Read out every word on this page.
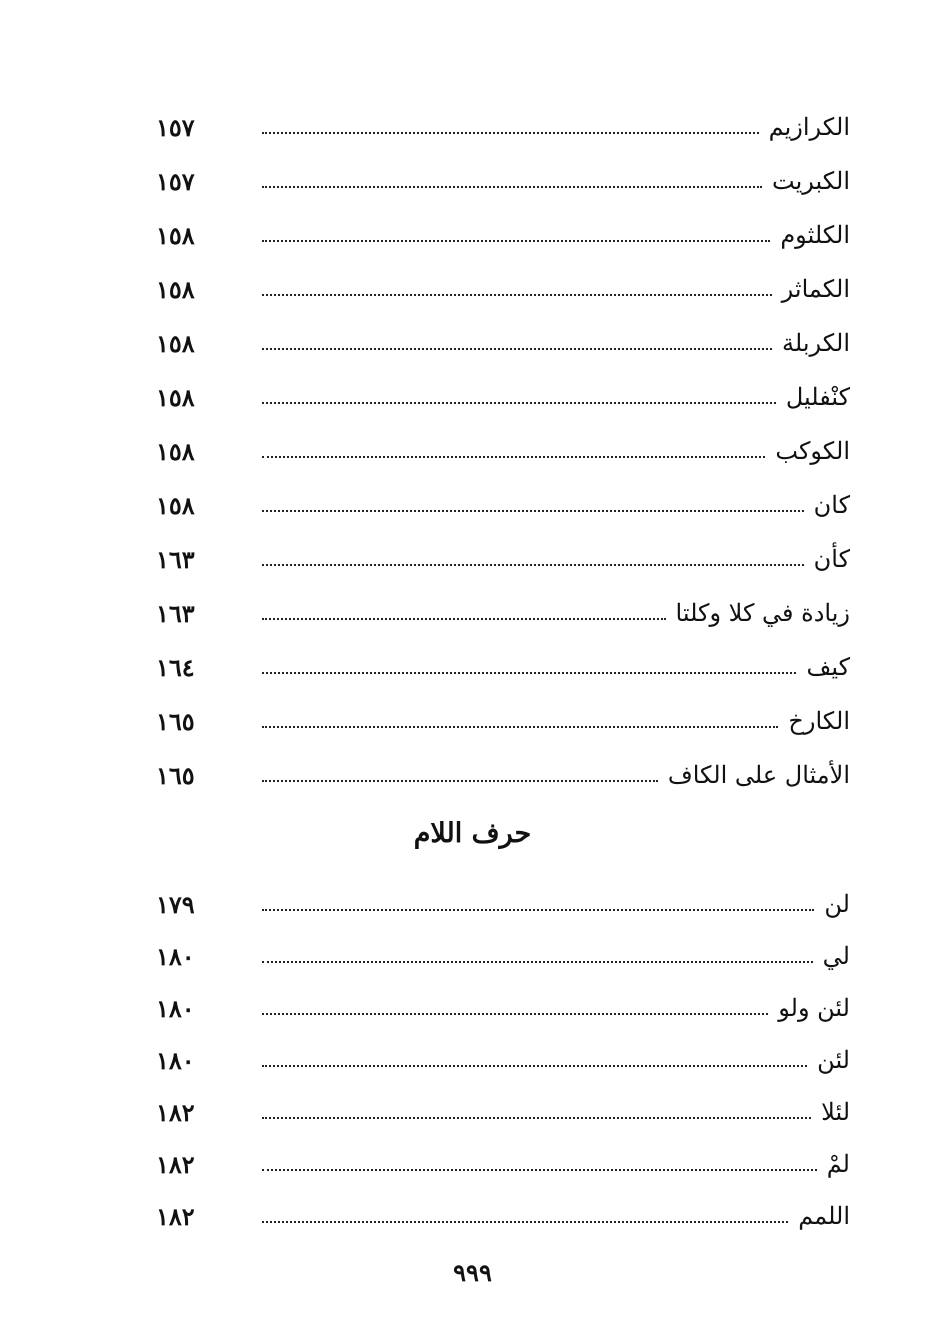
الكرازيم
١٥٧
الكبريت
١٥٧
الكلثوم
١٥٨
الكماثر
١٥٨
الكربلة
١٥٨
كنْفليل
١٥٨
الكوكب
١٥٨
كان
١٥٨
كأن
١٦٣
زيادة في كلا وكلتا
١٦٣
كيف
١٦٤
الكارخ
١٦٥
الأمثال على الكاف
١٦٥
حرف اللام
لن
١٧٩
لي
١٨٠
لئن ولو
١٨٠
لئن
١٨٠
لئلا
١٨٢
لمْ
١٨٢
اللمم
١٨٢
٩٩٩
